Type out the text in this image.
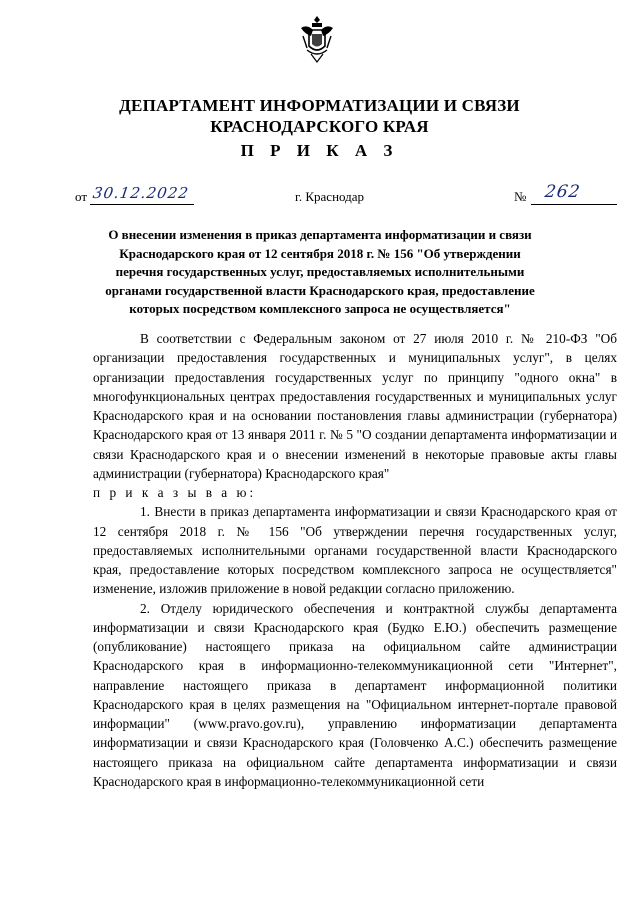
ДЕПАРТАМЕНТ ИНФОРМАТИЗАЦИИ И СВЯЗИ
КРАСНОДАРСКОГО КРАЯ
П Р И К А З
от 30.12.2022	г. Краснодар	№ 262
О внесении изменения в приказ департамента информатизации и связи Краснодарского края от 12 сентября 2018 г. № 156 "Об утверждении перечня государственных услуг, предоставляемых исполнительными органами государственной власти Краснодарского края, предоставление которых посредством комплексного запроса не осуществляется"

В соответствии с Федеральным законом от 27 июля 2010 г. № 210-ФЗ "Об организации предоставления государственных и муниципальных услуг", в целях организации предоставления государственных услуг по принципу "одного окна" в многофункциональных центрах предоставления государственных и муниципальных услуг Краснодарского края и на основании постановления главы администрации (губернатора) Краснодарского края от 13 января 2011 г. № 5 "О создании департамента информатизации и связи Краснодарского края и о внесении изменений в некоторые правовые акты главы администрации (губернатора) Краснодарского края"

п р и к а з ы в а ю:

1. Внести в приказ департамента информатизации и связи Краснодарского края от 12 сентября 2018 г. № 156 "Об утверждении перечня государственных услуг, предоставляемых исполнительными органами государственной власти Краснодарского края, предоставление которых посредством комплексного запроса не осуществляется" изменение, изложив приложение в новой редакции согласно приложению.

2. Отделу юридического обеспечения и контрактной службы департамента информатизации и связи Краснодарского края (Будко Е.Ю.) обеспечить размещение (опубликование) настоящего приказа на официальном сайте администрации Краснодарского края в информационно-телекоммуникационной сети "Интернет", направление настоящего приказа в департамент информационной политики Краснодарского края в целях размещения на "Официальном интернет-портале правовой информации" (www.pravo.gov.ru), управлению информатизации департамента информатизации и связи Краснодарского края (Головченко А.С.) обеспечить размещение настоящего приказа на официальном сайте департамента информатизации и связи Краснодарского края в информационно-телекоммуникационной сети
